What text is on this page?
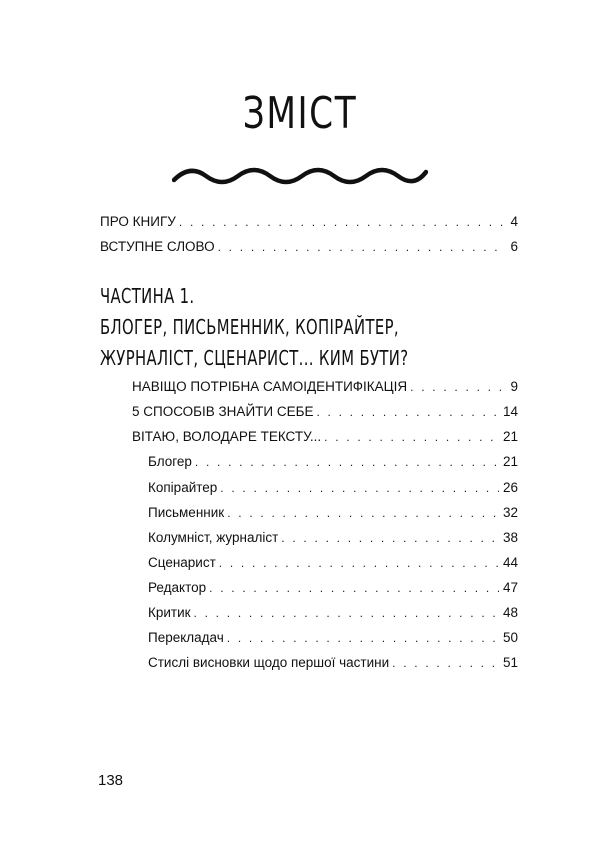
ЗМІСТ
ПРО КНИГУ . . .	4
ВСТУПНЕ СЛОВО . . .	6
ЧАСТИНА 1.
БЛОГЕР, ПИСЬМЕННИК, КОПІРАЙТЕР,
ЖУРНАЛІСТ, СЦЕНАРИСТ... КИМ БУТИ?
НАВІЩО ПОТРІБНА САМОІДЕНТИФІКАЦІЯ . . .	9
5 СПОСОБІВ ЗНАЙТИ СЕБЕ . . .	14
ВІТАЮ, ВОЛОДАРЕ ТЕКСТУ... . . .	21
Блогер . . .	21
Копірайтер . . .	26
Письменник . . .	32
Колумніст, журналіст . . .	38
Сценарист . . .	44
Редактор . . .	47
Критик . . .	48
Перекладач . . .	50
Стислі висновки щодо першої частини . . .	51
138
